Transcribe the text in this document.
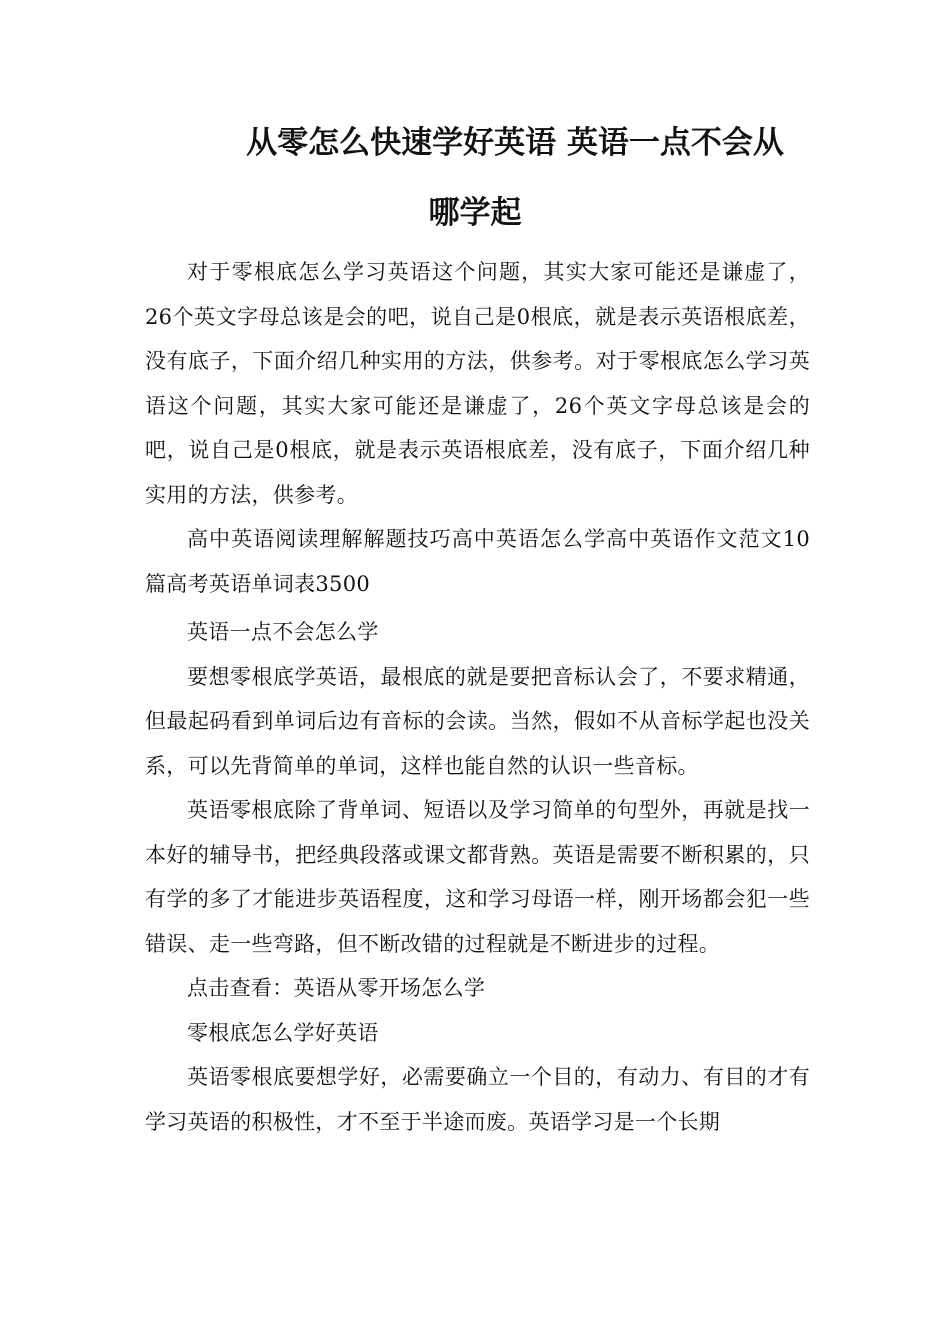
从零怎么快速学好英语 英语一点不会从
哪学起

对于零根底怎么学习英语这个问题，其实大家可能还是谦虚了，26个英文字母总该是会的吧，说自己是0根底，就是表示英语根底差，没有底子，下面介绍几种实用的方法，供参考。对于零根底怎么学习英语这个问题，其实大家可能还是谦虚了，26个英文字母总该是会的吧，说自己是0根底，就是表示英语根底差，没有底子，下面介绍几种实用的方法，供参考。

高中英语阅读理解解题技巧高中英语怎么学高中英语作文范文10篇高考英语单词表3500

英语一点不会怎么学

要想零根底学英语，最根底的就是要把音标认会了，不要求精通，但最起码看到单词后边有音标的会读。当然，假如不从音标学起也没关系，可以先背简单的单词，这样也能自然的认识一些音标。

英语零根底除了背单词、短语以及学习简单的句型外，再就是找一本好的辅导书，把经典段落或课文都背熟。英语是需要不断积累的，只有学的多了才能进步英语程度，这和学习母语一样，刚开场都会犯一些错误、走一些弯路，但不断改错的过程就是不断进步的过程。

点击查看：英语从零开场怎么学

零根底怎么学好英语

英语零根底要想学好，必需要确立一个目的，有动力、有目的才有学习英语的积极性，才不至于半途而废。英语学习是一个长期
